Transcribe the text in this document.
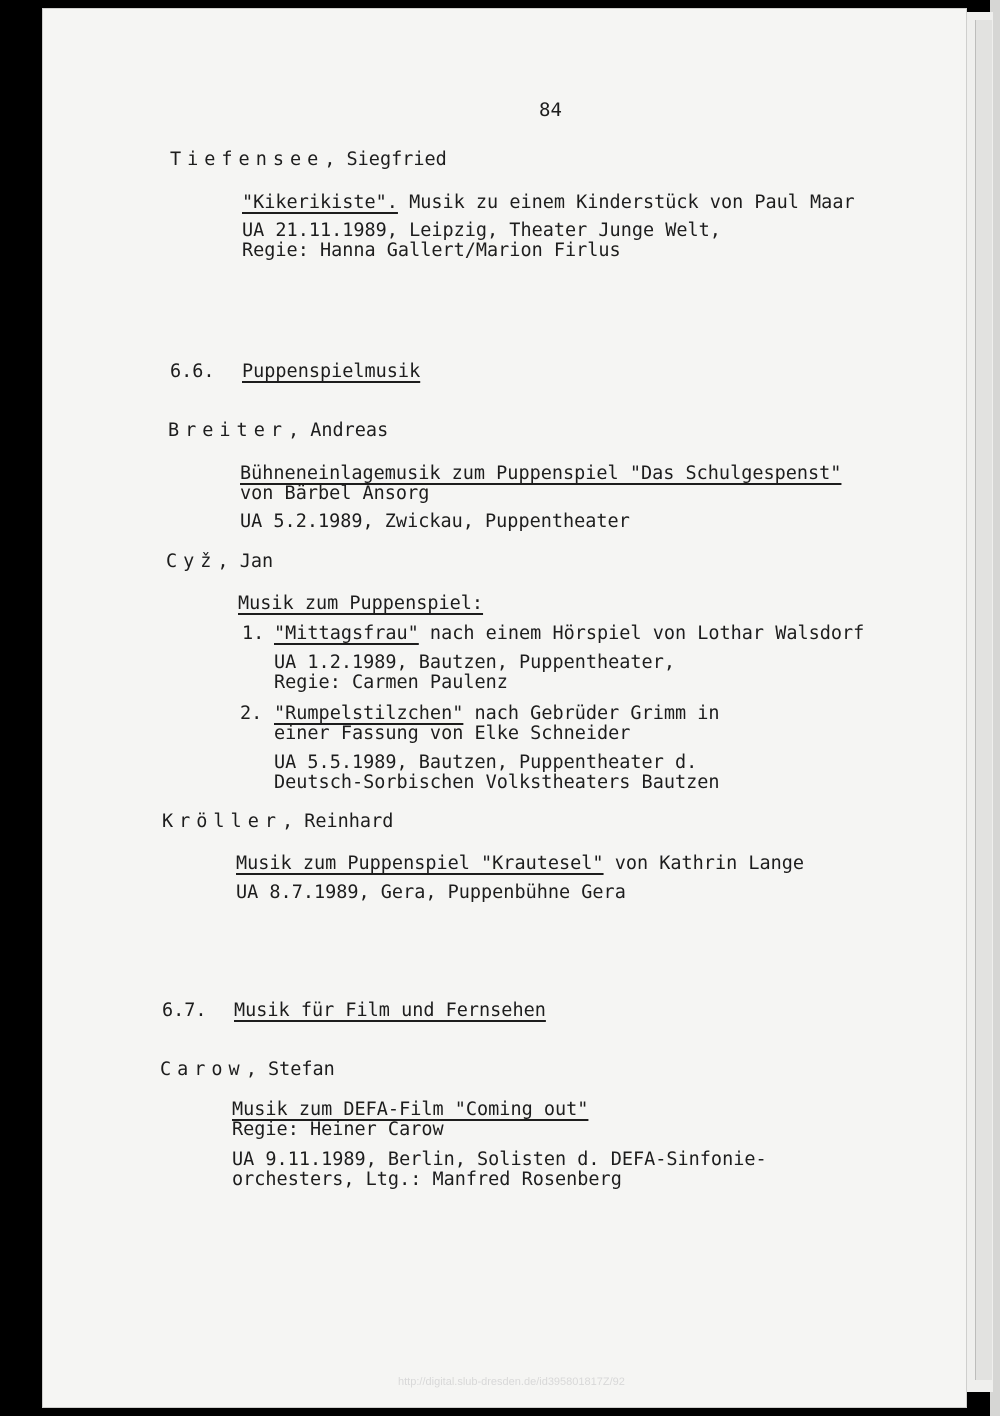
84
Tiefensee, Siegfried
"Kikerikiste". Musik zu einem Kinderstück von Paul Maar
UA 21.11.1989, Leipzig, Theater Junge Welt,
Regie: Hanna Gallert/Marion Firlus
6.6. Puppenspielmusik
Breiter, Andreas
Bühneneinlagemusik zum Puppenspiel "Das Schulgespenst"
von Bärbel Ansorg
UA 5.2.1989, Zwickau, Puppentheater
Cyž, Jan
Musik zum Puppenspiel:
1. "Mittagsfrau" nach einem Hörspiel von Lothar Walsdorf
UA 1.2.1989, Bautzen, Puppentheater,
Regie: Carmen Paulenz
2. "Rumpelstilzchen" nach Gebrüder Grimm in
einer Fassung von Elke Schneider
UA 5.5.1989, Bautzen, Puppentheater d.
Deutsch-Sorbischen Volkstheaters Bautzen
Kröller, Reinhard
Musik zum Puppenspiel "Krautesel" von Kathrin Lange
UA 8.7.1989, Gera, Puppenbühne Gera
6.7. Musik für Film und Fernsehen
Carow, Stefan
Musik zum DEFA-Film "Coming out"
Regie: Heiner Carow
UA 9.11.1989, Berlin, Solisten d. DEFA-Sinfonie-
orchesters, Ltg.: Manfred Rosenberg
http://digital.slub-dresden.de/id395801817Z/92
